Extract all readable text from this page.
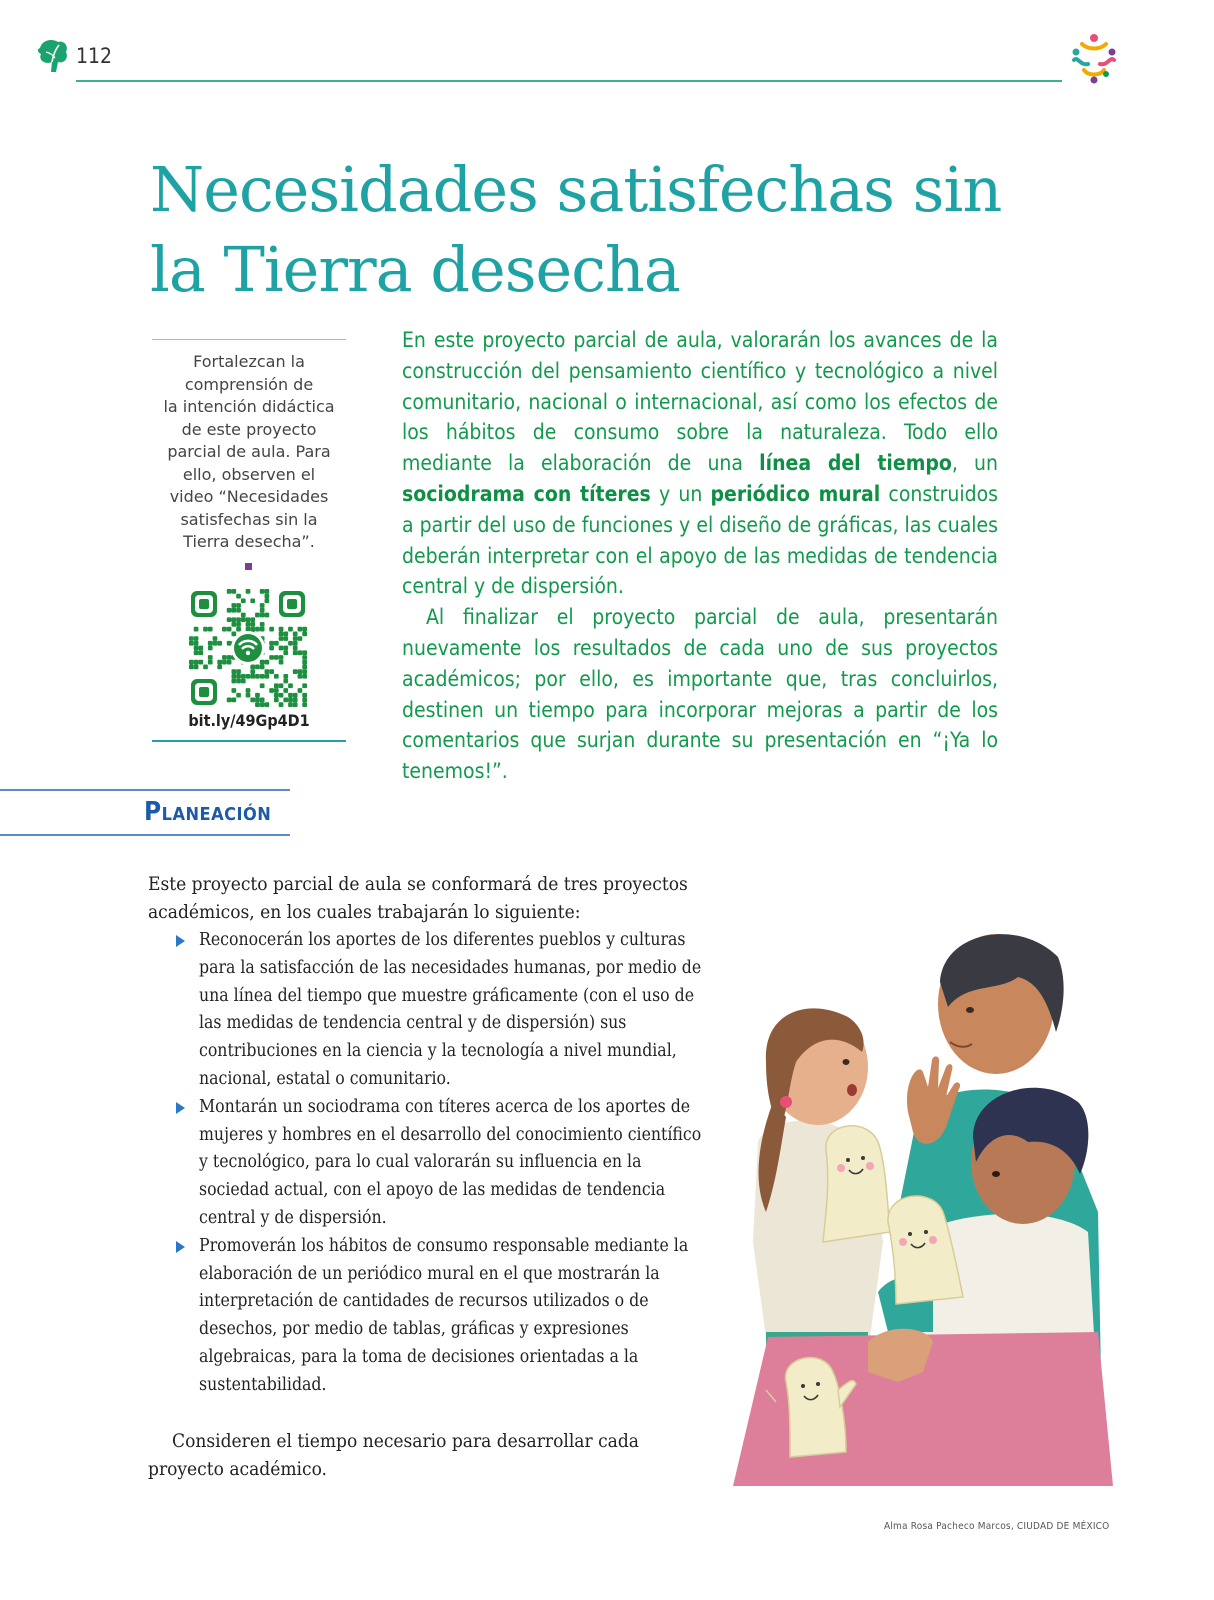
112
Necesidades satisfechas sin
la Tierra desecha
Fortalezcan la
comprensión de
la intención didáctica
de este proyecto
parcial de aula. Para
ello, observen el
video “Necesidades
satisfechas sin la
Tierra desecha”.
bit.ly/49Gp4D1

En este proyecto parcial de aula, valorarán los avances de la construcción del pensamiento científico y tecnológico a nivel comunitario, nacional o internacional, así como los efectos de los hábitos de consumo sobre la naturaleza. Todo ello mediante la elaboración de una línea del tiempo, un sociodrama con títeres y un periódico mural construidos a partir del uso de funciones y el diseño de gráficas, las cuales deberán interpretar con el apoyo de las medidas de tendencia central y de dispersión.

Al finalizar el proyecto parcial de aula, presentarán nuevamente los resultados de cada uno de sus proyectos académicos; por ello, es importante que, tras concluirlos, destinen un tiempo para incorporar mejoras a partir de los comentarios que surjan durante su presentación en “¡Ya lo tenemos!”.

Planeación
Este proyecto parcial de aula se conformará de tres proyectos académicos, en los cuales trabajarán lo siguiente:
Reconocerán los aportes de los diferentes pueblos y culturas para la satisfacción de las necesidades humanas, por medio de una línea del tiempo que muestre gráficamente (con el uso de las medidas de tendencia central y de dispersión) sus contribuciones en la ciencia y la tecnología a nivel mundial, nacional, estatal o comunitario.
Montarán un sociodrama con títeres acerca de los aportes de mujeres y hombres en el desarrollo del conocimiento científico y tecnológico, para lo cual valorarán su influencia en la sociedad actual, con el apoyo de las medidas de tendencia central y de dispersión.
Promoverán los hábitos de consumo responsable mediante la elaboración de un periódico mural en el que mostrarán la interpretación de cantidades de recursos utilizados o de desechos, por medio de tablas, gráficas y expresiones algebraicas, para la toma de decisiones orientadas a la sustentabilidad.
Consideren el tiempo necesario para desarrollar cada proyecto académico.
Alma Rosa Pacheco Marcos, CIUDAD DE MÉXICO
